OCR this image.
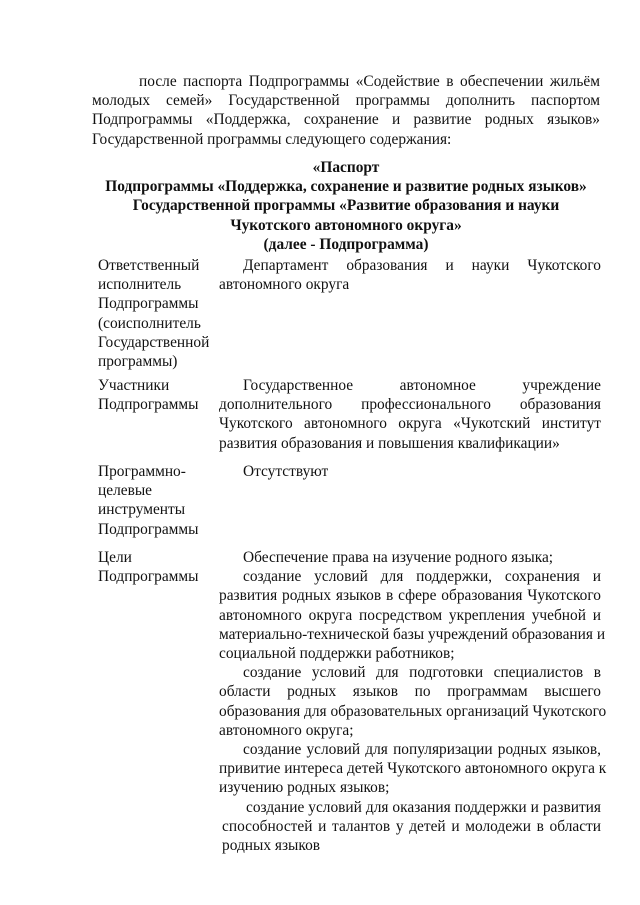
после паспорта Подпрограммы «Содействие в обеспечении жильём
молодых семей» Государственной программы дополнить паспортом
Подпрограммы «Поддержка, сохранение и развитие родных языков»
Государственной программы следующего содержания:
«Паспорт
Подпрограммы «Поддержка, сохранение и развитие родных языков»
Государственной программы «Развитие образования и науки
Чукотского автономного округа»
(далее - Подпрограмма)
Ответственный
исполнитель
Подпрограммы
(соисполнитель
Государственной
программы)
Департамент образования и науки Чукотского
автономного округа
Участники
Подпрограммы
Государственное автономное учреждение
дополнительного профессионального образования
Чукотского автономного округа «Чукотский институт
развития образования и повышения квалификации»
Программно-
целевые
инструменты
Подпрограммы
Отсутствуют
Цели
Подпрограммы
Обеспечение права на изучение родного языка;
создание условий для поддержки, сохранения и
развития родных языков в сфере образования Чукотского
автономного округа посредством укрепления учебной и
материально-технической базы учреждений образования и
социальной поддержки работников;
создание условий для подготовки специалистов в
области родных языков по программам высшего
образования для образовательных организаций Чукотского
автономного округа;
создание условий для популяризации родных языков,
привитие интереса детей Чукотского автономного округа к
изучению родных языков;
создание условий для оказания поддержки и развития
способностей и талантов у детей и молодежи в области
родных языков
